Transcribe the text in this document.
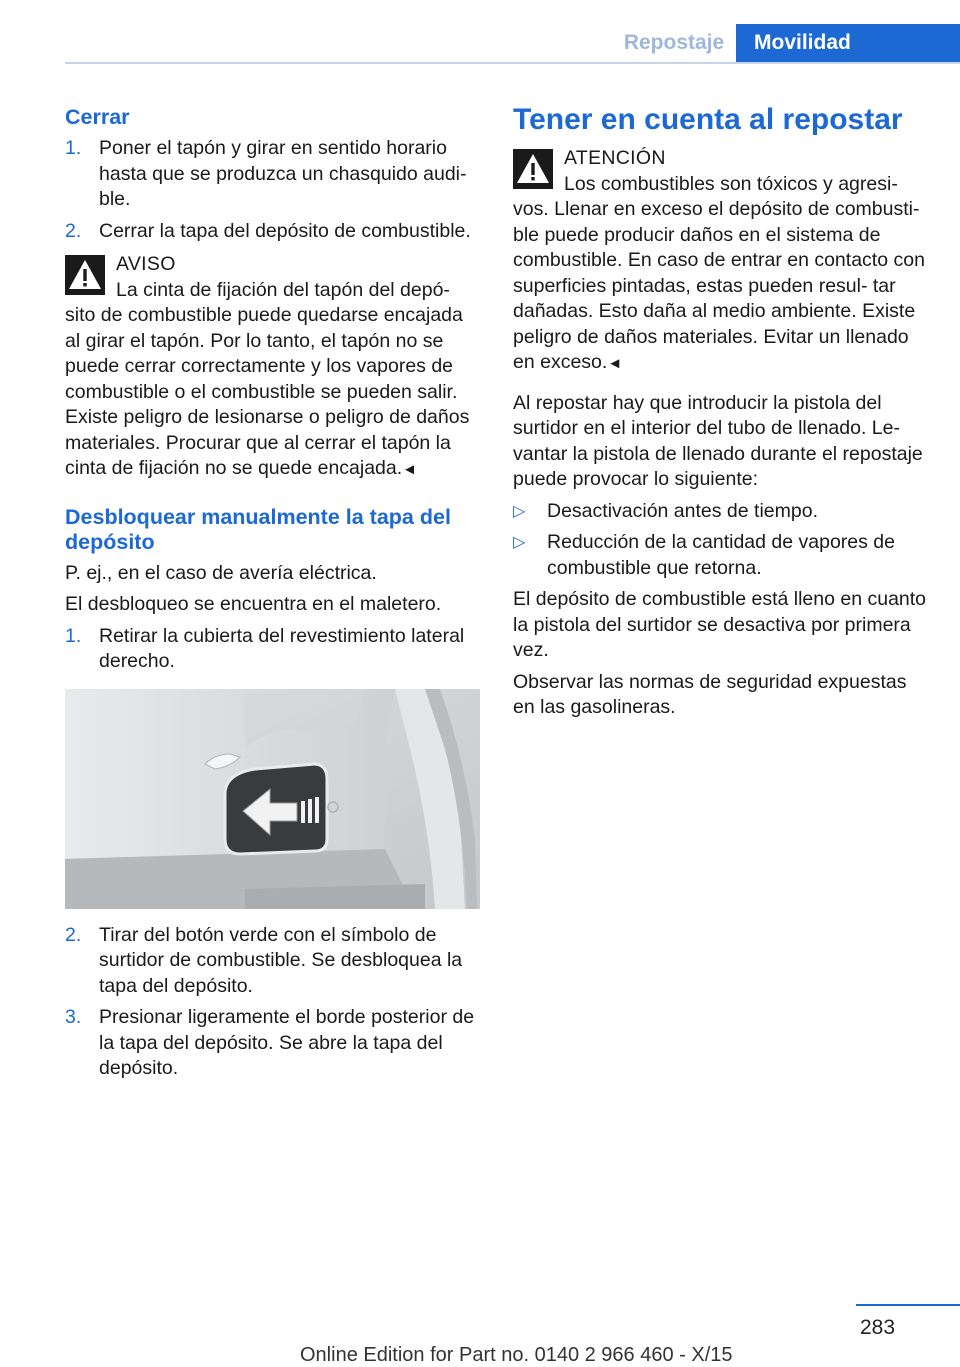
Repostaje	Movilidad
Cerrar
1. Poner el tapón y girar en sentido horario hasta que se produzca un chasquido audi‐ ble.
2. Cerrar la tapa del depósito de combustible.
AVISO
La cinta de fijación del tapón del depó‐
sito de combustible puede quedarse encajada al girar el tapón. Por lo tanto, el tapón no se puede cerrar correctamente y los vapores de combustible o el combustible se pueden salir. Existe peligro de lesionarse o peligro de daños materiales. Procurar que al cerrar el tapón la cinta de fijación no se quede encajada.◄
Desbloquear manualmente la tapa del depósito

P. ej., en el caso de avería eléctrica.

El desbloqueo se encuentra en el maletero.

1. Retirar la cubierta del revestimiento lateral derecho.
2. Tirar del botón verde con el símbolo de surtidor de combustible. Se desbloquea la tapa del depósito.
3. Presionar ligeramente el borde posterior de la tapa del depósito. Se abre la tapa del depósito.
Tener en cuenta al repostar
ATENCIÓN
Los combustibles son tóxicos y agresi‐
vos. Llenar en exceso el depósito de combusti‐ ble puede producir daños en el sistema de combustible. En caso de entrar en contacto con superficies pintadas, estas pueden resul‐ tar dañadas. Esto daña al medio ambiente. Existe peligro de daños materiales. Evitar un llenado en exceso.◄

Al repostar hay que introducir la pistola del surtidor en el interior del tubo de llenado. Le‐ vantar la pistola de llenado durante el repostaje puede provocar lo siguiente:

▷	Desactivación antes de tiempo.
▷	Reducción de la cantidad de vapores de combustible que retorna.

El depósito de combustible está lleno en cuanto la pistola del surtidor se desactiva por primera vez.

Observar las normas de seguridad expuestas en las gasolineras.

283
Online Edition for Part no. 0140 2 966 460 - X/15
